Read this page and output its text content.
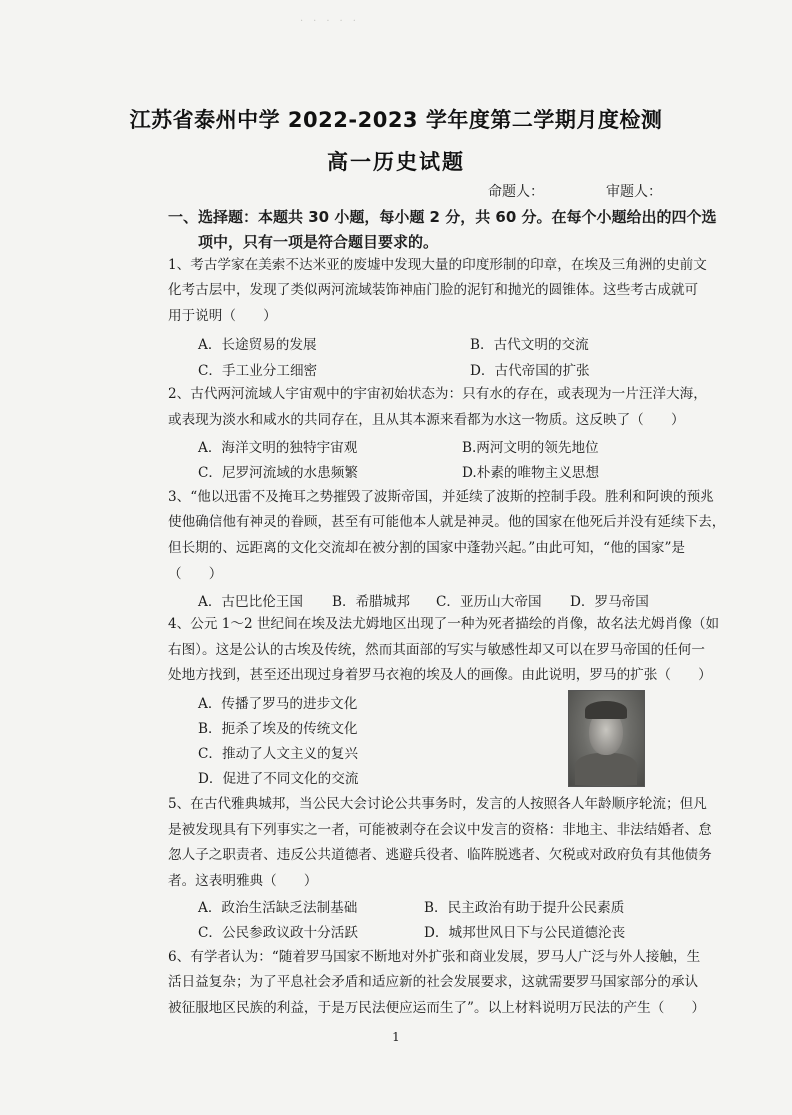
·　·　·　·　·
江苏省泰州中学 2022-2023 学年度第二学期月度检测
高一历史试题
命题人：	审题人：
一、选择题：本题共 30 小题，每小题 2 分，共 60 分。在每个小题给出的四个选
项中，只有一项是符合题目要求的。
1、考古学家在美索不达米亚的废墟中发现大量的印度形制的印章，在埃及三角洲的史前文
化考古层中，发现了类似两河流域装饰神庙门脸的泥钉和抛光的圆锥体。这些考古成就可
用于说明（　　）
A．长途贸易的发展	B．古代文明的交流
C．手工业分工细密	D．古代帝国的扩张
2、古代两河流域人宇宙观中的宇宙初始状态为：只有水的存在，或表现为一片汪洋大海，
或表现为淡水和咸水的共同存在，且从其本源来看都为水这一物质。这反映了（　　）
A．海洋文明的独特宇宙观	B.两河文明的领先地位
C．尼罗河流域的水患频繁	D.朴素的唯物主义思想
3、“他以迅雷不及掩耳之势摧毁了波斯帝国，并延续了波斯的控制手段。胜利和阿谀的预兆
使他确信他有神灵的眷顾，甚至有可能他本人就是神灵。他的国家在他死后并没有延续下去，
但长期的、远距离的文化交流却在被分割的国家中蓬勃兴起。”由此可知，“他的国家”是
（　　）
A．古巴比伦王国 B．希腊城邦 C．亚历山大帝国 D．罗马帝国
4、公元 1～2 世纪间在埃及法尤姆地区出现了一种为死者描绘的肖像，故名法尤姆肖像（如
右图）。这是公认的古埃及传统，然而其面部的写实与敏感性却又可以在罗马帝国的任何一
处地方找到，甚至还出现过身着罗马衣袍的埃及人的画像。由此说明，罗马的扩张（　　）
A．传播了罗马的进步文化
B．扼杀了埃及的传统文化
C．推动了人文主义的复兴
D．促进了不同文化的交流
5、在古代雅典城邦，当公民大会讨论公共事务时，发言的人按照各人年龄顺序轮流；但凡
是被发现具有下列事实之一者，可能被剥夺在会议中发言的资格：非地主、非法结婚者、怠
忽人子之职责者、违反公共道德者、逃避兵役者、临阵脱逃者、欠税或对政府负有其他债务
者。这表明雅典（　　）
A．政治生活缺乏法制基础	B．民主政治有助于提升公民素质
C．公民参政议政十分活跃	D．城邦世风日下与公民道德沦丧
6、有学者认为：“随着罗马国家不断地对外扩张和商业发展，罗马人广泛与外人接触，生
活日益复杂；为了平息社会矛盾和适应新的社会发展要求，这就需要罗马国家部分的承认
被征服地区民族的利益，于是万民法便应运而生了”。以上材料说明万民法的产生（　　）
1
